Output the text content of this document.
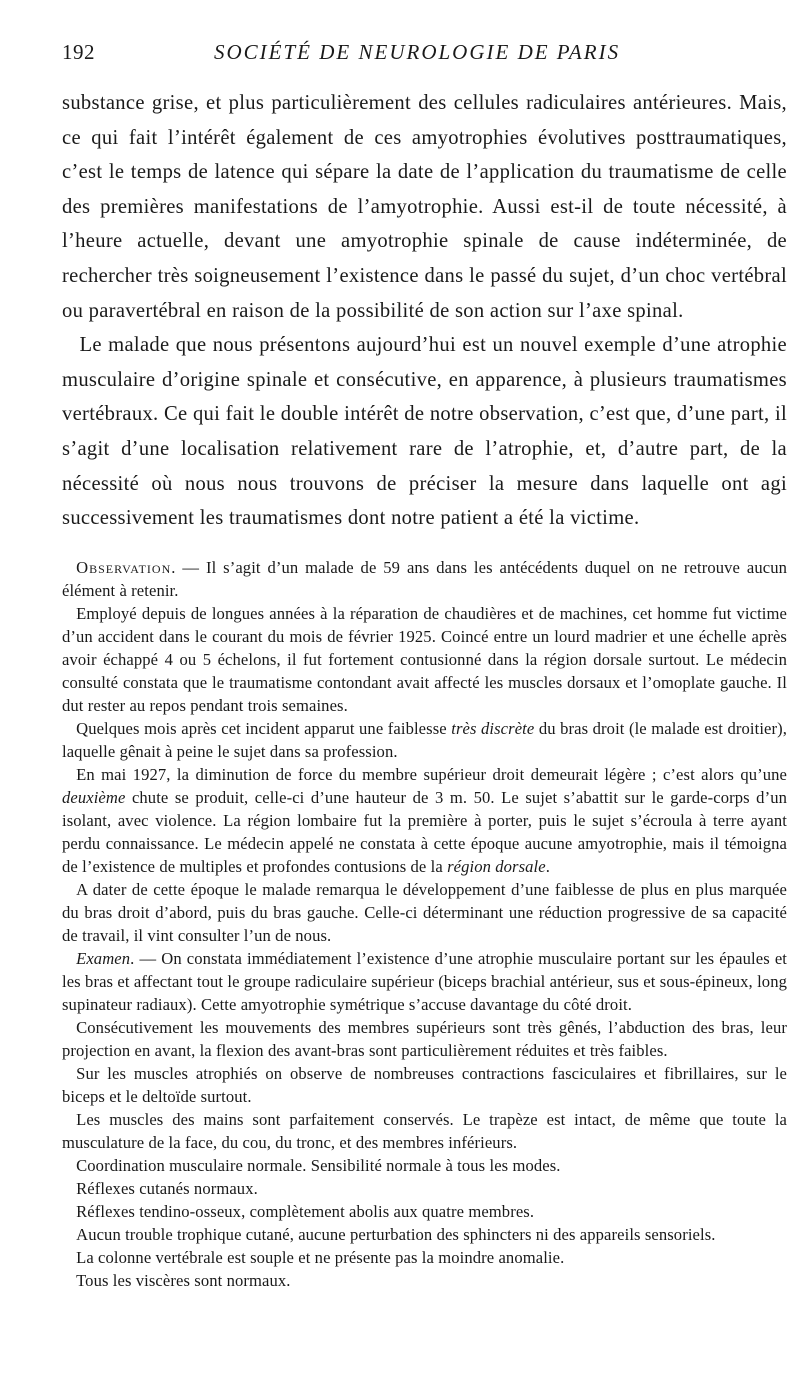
192	SOCIÉTÉ DE NEUROLOGIE DE PARIS

substance grise, et plus particulièrement des cellules radiculaires antérieures. Mais, ce qui fait l’intérêt également de ces amyotrophies évolutives posttraumatiques, c’est le temps de latence qui sépare la date de l’application du traumatisme de celle des premières manifestations de l’amyotrophie. Aussi est-il de toute nécessité, à l’heure actuelle, devant une amyotrophie spinale de cause indéterminée, de rechercher très soigneusement l’existence dans le passé du sujet, d’un choc vertébral ou paravertébral en raison de la possibilité de son action sur l’axe spinal.

Le malade que nous présentons aujourd’hui est un nouvel exemple d’une atrophie musculaire d’origine spinale et consécutive, en apparence, à plusieurs traumatismes vertébraux. Ce qui fait le double intérêt de notre observation, c’est que, d’une part, il s’agit d’une localisation relativement rare de l’atrophie, et, d’autre part, de la nécessité où nous nous trouvons de préciser la mesure dans laquelle ont agi successivement les traumatismes dont notre patient a été la victime.

Observation. — Il s’agit d’un malade de 59 ans dans les antécédents duquel on ne retrouve aucun élément à retenir.

Employé depuis de longues années à la réparation de chaudières et de machines, cet homme fut victime d’un accident dans le courant du mois de février 1925. Coincé entre un lourd madrier et une échelle après avoir échappé 4 ou 5 échelons, il fut fortement contusionné dans la région dorsale surtout. Le médecin consulté constata que le traumatisme contondant avait affecté les muscles dorsaux et l’omoplate gauche. Il dut rester au repos pendant trois semaines.

Quelques mois après cet incident apparut une faiblesse très discrète du bras droit (le malade est droitier), laquelle gênait à peine le sujet dans sa profession.

En mai 1927, la diminution de force du membre supérieur droit demeurait légère ; c’est alors qu’une deuxième chute se produit, celle-ci d’une hauteur de 3 m. 50. Le sujet s’abattit sur le garde-corps d’un isolant, avec violence. La région lombaire fut la première à porter, puis le sujet s’écroula à terre ayant perdu connaissance. Le médecin appelé ne constata à cette époque aucune amyotrophie, mais il témoigna de l’existence de multiples et profondes contusions de la région dorsale.

A dater de cette époque le malade remarqua le développement d’une faiblesse de plus en plus marquée du bras droit d’abord, puis du bras gauche. Celle-ci déterminant une réduction progressive de sa capacité de travail, il vint consulter l’un de nous.

Examen. — On constata immédiatement l’existence d’une atrophie musculaire portant sur les épaules et les bras et affectant tout le groupe radiculaire supérieur (biceps brachial antérieur, sus et sous-épineux, long supinateur radiaux). Cette amyotrophie symétrique s’accuse davantage du côté droit.

Consécutivement les mouvements des membres supérieurs sont très gênés, l’abduction des bras, leur projection en avant, la flexion des avant-bras sont particulièrement réduites et très faibles.

Sur les muscles atrophiés on observe de nombreuses contractions fasciculaires et fibrillaires, sur le biceps et le deltoïde surtout.

Les muscles des mains sont parfaitement conservés. Le trapèze est intact, de même que toute la musculature de la face, du cou, du tronc, et des membres inférieurs.

Coordination musculaire normale. Sensibilité normale à tous les modes.

Réflexes cutanés normaux.

Réflexes tendino-osseux, complètement abolis aux quatre membres.

Aucun trouble trophique cutané, aucune perturbation des sphincters ni des appareils sensoriels.

La colonne vertébrale est souple et ne présente pas la moindre anomalie.

Tous les viscères sont normaux.
